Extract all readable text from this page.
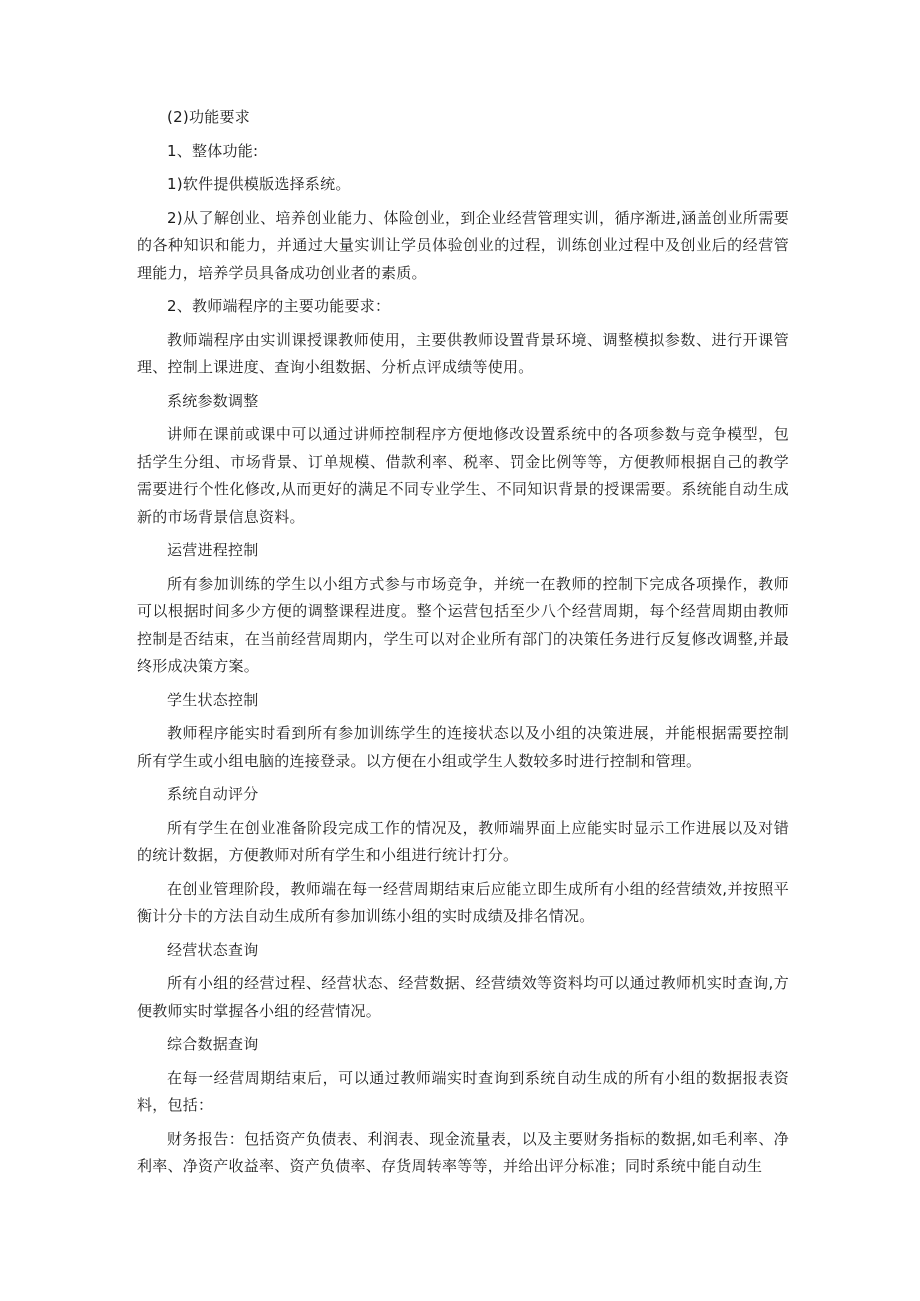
(2)功能要求

1、整体功能:

1)软件提供模版选择系统。

2)从了解创业、培养创业能力、体险创业，到企业经营管理实训，循序渐进,涵盖创业所需要的各种知识和能力，并通过大量实训让学员体验创业的过程，训练创业过程中及创业后的经营管理能力，培养学员具备成功创业者的素质。

2、教师端程序的主要功能要求：

教师端程序由实训课授课教师使用，主要供教师设置背景环境、调整模拟参数、进行开课管理、控制上课进度、查询小组数据、分析点评成绩等使用。

系统参数调整

讲师在课前或课中可以通过讲师控制程序方便地修改设置系统中的各项参数与竞争模型，包括学生分组、市场背景、订单规模、借款利率、税率、罚金比例等等，方便教师根据自己的教学需要进行个性化修改,从而更好的满足不同专业学生、不同知识背景的授课需要。系统能自动生成新的市场背景信息资料。

运营进程控制

所有参加训练的学生以小组方式参与市场竞争，并统一在教师的控制下完成各项操作，教师可以根据时间多少方便的调整课程进度。整个运营包括至少八个经营周期，每个经营周期由教师控制是否结束，在当前经营周期内，学生可以对企业所有部门的决策任务进行反复修改调整,并最终形成决策方案。

学生状态控制

教师程序能实时看到所有参加训练学生的连接状态以及小组的决策进展，并能根据需要控制所有学生或小组电脑的连接登录。以方便在小组或学生人数较多时进行控制和管理。

系统自动评分

所有学生在创业准备阶段完成工作的情况及，教师端界面上应能实时显示工作进展以及对错的统计数据，方便教师对所有学生和小组进行统计打分。

在创业管理阶段，教师端在每一经营周期结束后应能立即生成所有小组的经营绩效,并按照平衡计分卡的方法自动生成所有参加训练小组的实时成绩及排名情况。

经营状态查询

所有小组的经营过程、经营状态、经营数据、经营绩效等资料均可以通过教师机实时查询,方便教师实时掌握各小组的经营情况。

综合数据查询

在每一经营周期结束后，可以通过教师端实时查询到系统自动生成的所有小组的数据报表资料，包括：

财务报告：包括资产负债表、利润表、现金流量表，以及主要财务指标的数据,如毛利率、净利率、净资产收益率、资产负债率、存货周转率等等，并给出评分标准；同时系统中能自动生
